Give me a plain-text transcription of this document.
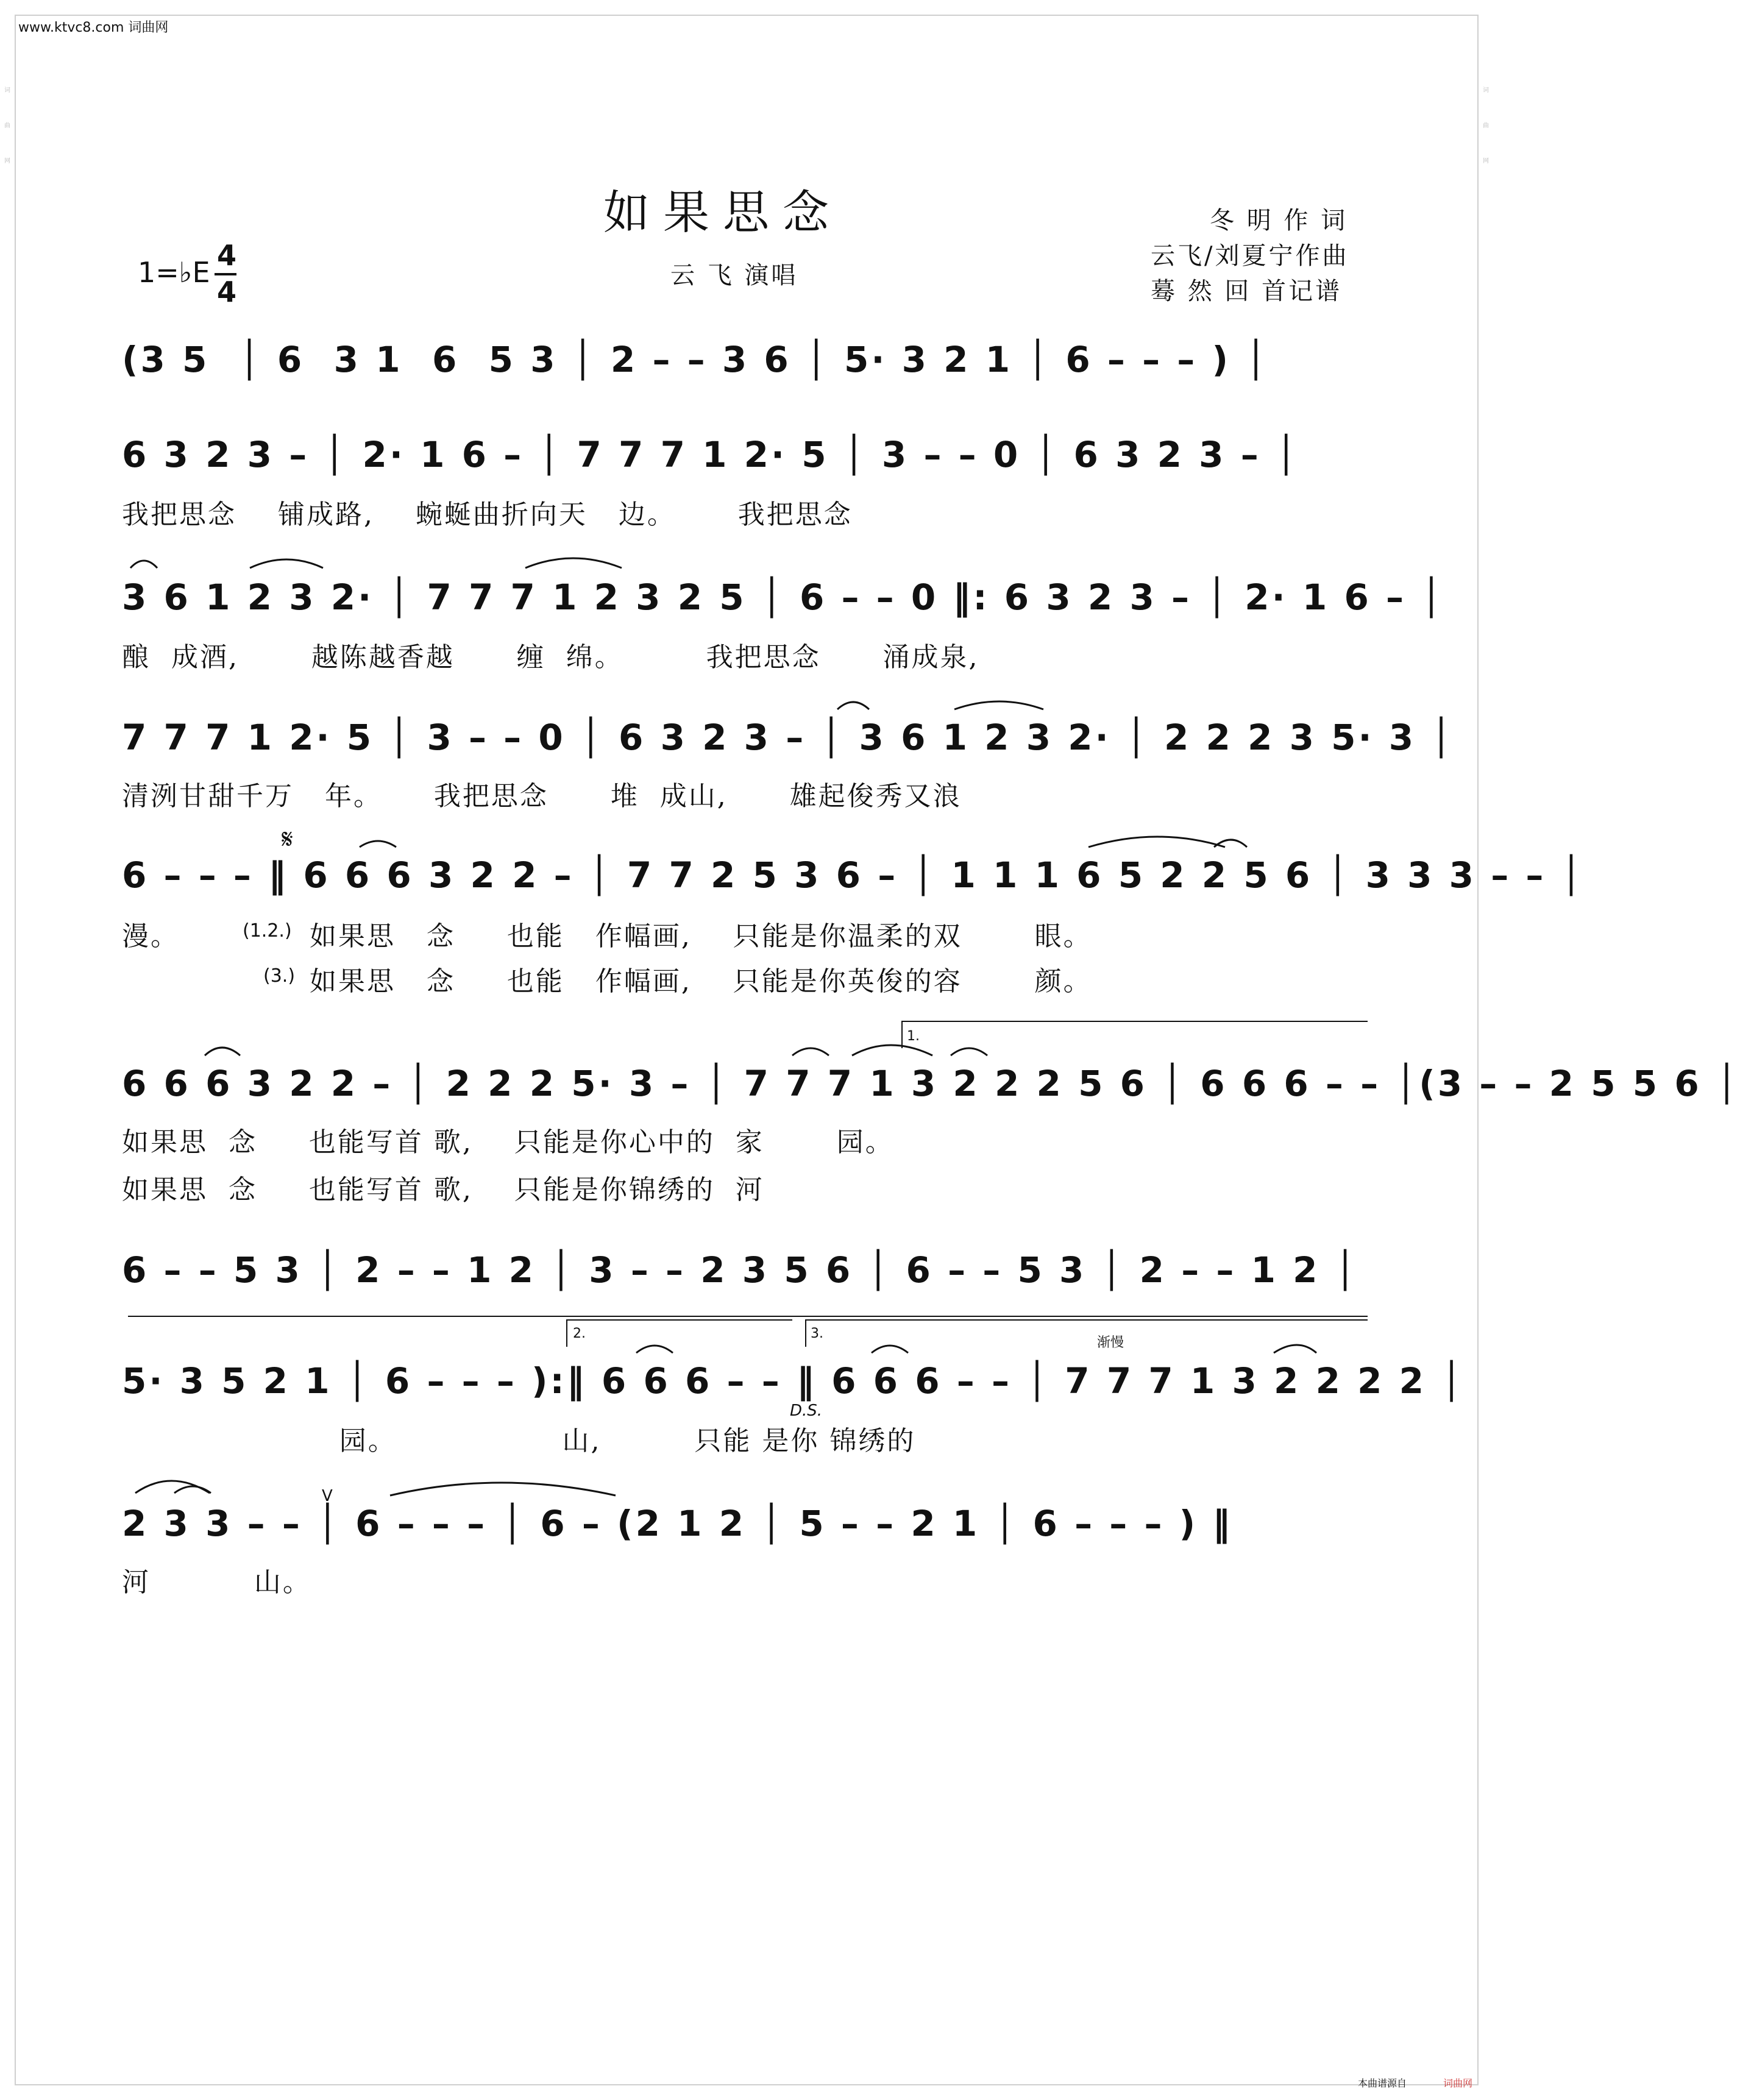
词曲网
词曲网
www.ktvc8.com 词曲网
如果思念
云 飞 演唱
冬 明 作 词
云飞/刘夏宁作曲
蓦 然 回 首记谱
1=♭E
4
4
(3 5  │ 6  3 1  6  5 3 │ 2 – – 3 6 │ 5· 3 2 1 │ 6 – – – ) │
6 3 2 3 – │ 2· 1 6 – │ 7 7 7 1 2· 5 │ 3 – – 0 │ 6 3 2 3 – │
我把思念    铺成路,    蜿蜒曲折向天   边。      我把思念
3 6 1 2 3 2· │ 7 7 7 1 2 3 2 5 │ 6 – – 0 ‖: 6 3 2 3 – │ 2· 1 6 – │
酿  成酒,       越陈越香越      缠  绵。        我把思念      涌成泉,
7 7 7 1 2· 5 │ 3 – – 0 │ 6 3 2 3 – │ 3 6 1 2 3 2· │ 2 2 2 3 5· 3 │
清洌甘甜千万   年。     我把思念      堆  成山,      雄起俊秀又浪
𝄋
6 – – – ‖ 6 6 6 3 2 2 – │ 7 7 2 5 3 6 – │ 1 1 1 6 5 2 2 5 6 │ 3 3 3 – – │
漫。 (1.2.) 如果思   念     也能   作幅画,    只能是你温柔的双       眼。
(3.) 如果思   念     也能   作幅画,    只能是你英俊的容       颜。
1.
6 6 6 3 2 2 – │ 2 2 2 5· 3 – │ 7 7 7 1 3 2 2 2 5 6 │ 6 6 6 – – │(3 – – 2 5 5 6 │
如果思  念     也能写首 歌,    只能是你心中的  家       园。
如果思  念     也能写首 歌,    只能是你锦绣的  河
6 – – 5 3 │ 2 – – 1 2 │ 3 – – 2 3 5 6 │ 6 – – 5 3 │ 2 – – 1 2 │
2.	3.
渐慢
5· 3 5 2 1 │ 6 – – – ):‖ 6 6 6 – – ‖ 6 6 6 – – │ 7 7 7 1 3 2 2 2 2 │
D.S.
园。                山,         只能 是你 锦绣的
V
2 3 3 – – │ 6 – – – │ 6 – (2 1 2 │ 5 – – 2 1 │ 6 – – – ) ‖
河          山。
本曲谱源自	词曲网
